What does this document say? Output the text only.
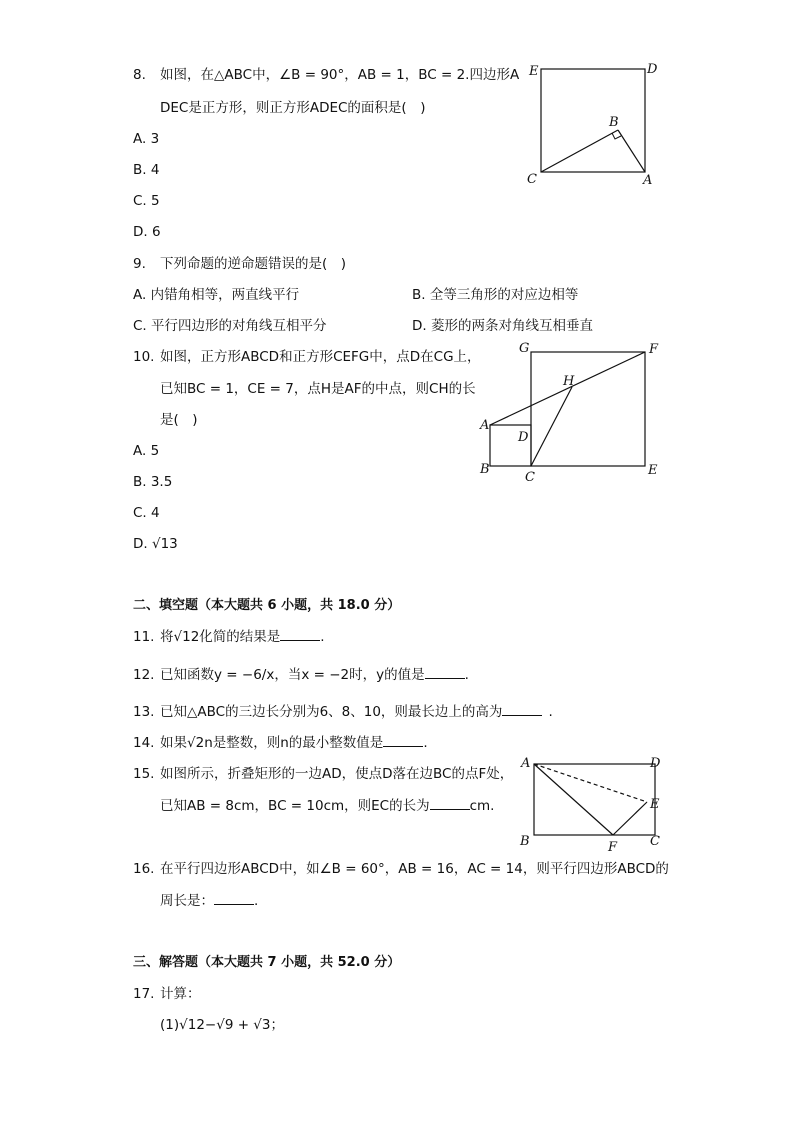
8. 如图，在△ABC中，∠B = 90°，AB = 1，BC = 2.四边形A
DEC是正方形，则正方形ADEC的面积是(　)
A. 3
B. 4
C. 5
D. 6
E	D
B
C	A
9. 下列命题的逆命题错误的是(　)
A. 内错角相等，两直线平行	B. 全等三角形的对应边相等
C. 平行四边形的对角线互相平分	D. 菱形的两条对角线互相垂直
10. 如图，正方形ABCD和正方形CEFG中，点D在CG上，
已知BC = 1，CE = 7，点H是AF的中点，则CH的长
是(　)
A. 5
B. 3.5
C. 4
D. √13
G	F
H
A
D
B
C	E
二、填空题（本大题共 6 小题，共 18.0 分）
11. 将√12化简的结果是	.
12. 已知函数y = −6/x，当x = −2时，y的值是	.
13. 已知△ABC的三边长分别为6、8、10，则最长边上的高为	.
14. 如果√2n是整数，则n的最小整数值是	.
15. 如图所示，折叠矩形的一边AD，使点D落在边BC的点F处，
已知AB = 8cm，BC = 10cm，则EC的长为	cm.
A	D
E
B	F	C
16. 在平行四边形ABCD中，如∠B = 60°，AB = 16，AC = 14，则平行四边形ABCD的
周长是：	.
三、解答题（本大题共 7 小题，共 52.0 分）
17. 计算：
(1)√12−√9 + √3；
